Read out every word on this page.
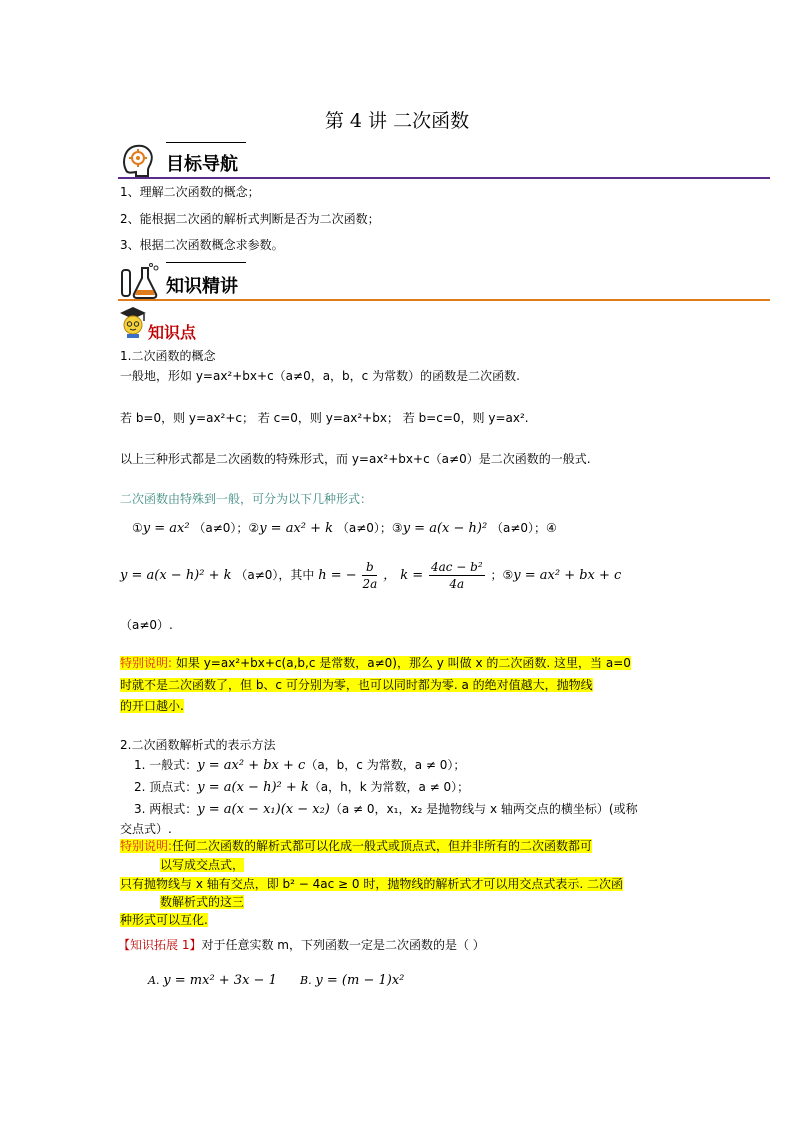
第 4 讲 二次函数
目标导航
1、理解二次函数的概念；
2、能根据二次函的解析式判断是否为二次函数；
3、根据二次函数概念求参数。
知识精讲
知识点
1.二次函数的概念
一般地，形如 y=ax²+bx+c（a≠0，a，b，c 为常数）的函数是二次函数.
若 b=0，则 y=ax²+c； 若 c=0，则 y=ax²+bx； 若 b=c=0，则 y=ax².
以上三种形式都是二次函数的特殊形式，而 y=ax²+bx+c（a≠0）是二次函数的一般式.
二次函数由特殊到一般，可分为以下几种形式：
①y = ax² （a≠0）；②y = ax² + k （a≠0）；③y = a(x − h)² （a≠0）；④
y = a(x − h)² + k （a≠0），其中 h = − $\frac{b}{2a}$ ， $k = \frac{\text{4ac − b²}}{4a}$ ；⑤y = ax² + bx + c
（a≠0）.
特别说明: 如果 y=ax²+bx+c(a,b,c 是常数，a≠0)，那么 y 叫做 x 的二次函数. 这里，当 a=0
时就不是二次函数了，但 b、c 可分别为零，也可以同时都为零. a 的绝对值越大，抛物线
的开口越小.
2.二次函数解析式的表示方法
1. 一般式：y = ax² + bx + c（a，b，c 为常数，a ≠ 0）；
2. 顶点式：y = a(x − h)² + k（a，h，k 为常数，a ≠ 0）；
3. 两根式：y = a(x − x₁)(x − x₂)（a ≠ 0，x₁，x₂ 是抛物线与 x 轴两交点的横坐标）(或称
交点式）.
特别说明:任何二次函数的解析式都可以化成一般式或顶点式，但并非所有的二次函数都可
以写成交点式，
只有抛物线与 x 轴有交点，即 b² − 4ac ≥ 0 时，抛物线的解析式才可以用交点式表示. 二次函
数解析式的这三
种形式可以互化.
【知识拓展 1】对于任意实数 m，下列函数一定是二次函数的是（ ）
A. y = mx² + 3x − 1 B. y = (m − 1)x²
